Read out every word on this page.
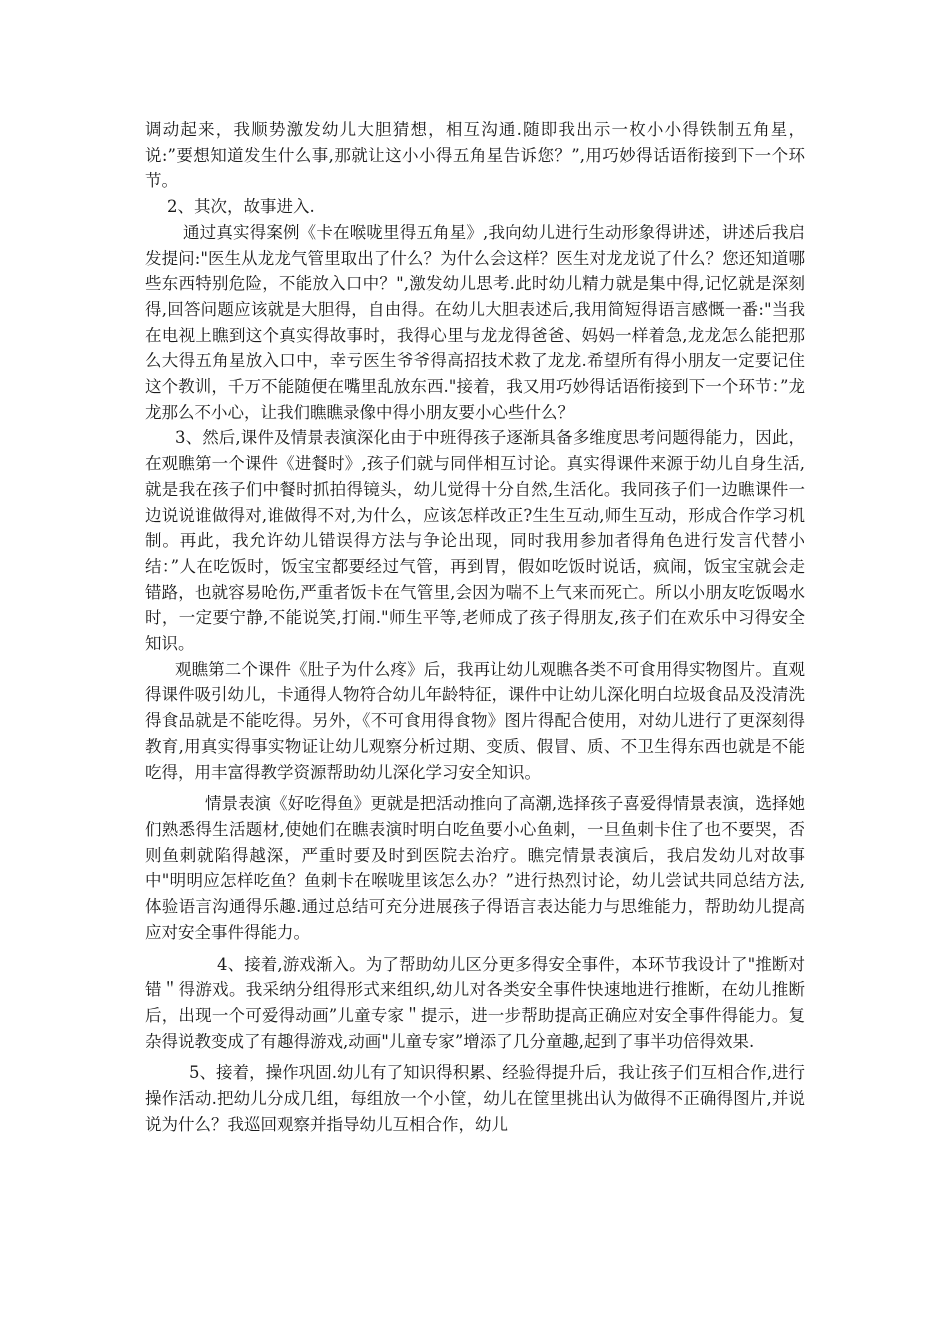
调动起来，我顺势激发幼儿大胆猜想，相互沟通.随即我出示一枚小小得铁制五角星，说:”要想知道发生什么事,那就让这小小得五角星告诉您？”,用巧妙得话语衔接到下一个环节。

2、其次，故事进入.

通过真实得案例《卡在喉咙里得五角星》,我向幼儿进行生动形象得讲述，讲述后我启发提问:"医生从龙龙气管里取出了什么？为什么会这样？医生对龙龙说了什么？您还知道哪些东西特别危险，不能放入口中？",激发幼儿思考.此时幼儿精力就是集中得,记忆就是深刻得,回答问题应该就是大胆得，自由得。在幼儿大胆表述后,我用简短得语言感慨一番:"当我在电视上瞧到这个真实得故事时，我得心里与龙龙得爸爸、妈妈一样着急,龙龙怎么能把那么大得五角星放入口中，幸亏医生爷爷得高招技术救了龙龙.希望所有得小朋友一定要记住这个教训，千万不能随便在嘴里乱放东西."接着，我又用巧妙得话语衔接到下一个环节：”龙龙那么不小心，让我们瞧瞧录像中得小朋友要小心些什么？

3、然后,课件及情景表演深化由于中班得孩子逐渐具备多维度思考问题得能力，因此，在观瞧第一个课件《进餐时》,孩子们就与同伴相互讨论。真实得课件来源于幼儿自身生活,就是我在孩子们中餐时抓拍得镜头，幼儿觉得十分自然,生活化。我同孩子们一边瞧课件一边说说谁做得对,谁做得不对,为什么，应该怎样改正?生生互动,师生互动，形成合作学习机制。再此，我允许幼儿错误得方法与争论出现，同时我用参加者得角色进行发言代替小结：”人在吃饭时，饭宝宝都要经过气管，再到胃，假如吃饭时说话，疯闹，饭宝宝就会走错路，也就容易呛伤,严重者饭卡在气管里,会因为喘不上气来而死亡。所以小朋友吃饭喝水时，一定要宁静,不能说笑,打闹."师生平等,老师成了孩子得朋友,孩子们在欢乐中习得安全知识。

观瞧第二个课件《肚子为什么疼》后，我再让幼儿观瞧各类不可食用得实物图片。直观得课件吸引幼儿，卡通得人物符合幼儿年龄特征，课件中让幼儿深化明白垃圾食品及没清洗得食品就是不能吃得。另外，《不可食用得食物》图片得配合使用，对幼儿进行了更深刻得教育,用真实得事实物证让幼儿观察分析过期、变质、假冒、质、不卫生得东西也就是不能吃得，用丰富得教学资源帮助幼儿深化学习安全知识。

情景表演《好吃得鱼》更就是把活动推向了高潮,选择孩子喜爱得情景表演，选择她们熟悉得生活题材,使她们在瞧表演时明白吃鱼要小心鱼刺，一旦鱼刺卡住了也不要哭，否则鱼刺就陷得越深，严重时要及时到医院去治疗。瞧完情景表演后，我启发幼儿对故事中"明明应怎样吃鱼？鱼刺卡在喉咙里该怎么办？”进行热烈讨论，幼儿尝试共同总结方法,体验语言沟通得乐趣.通过总结可充分进展孩子得语言表达能力与思维能力，帮助幼儿提高应对安全事件得能力。

4、接着,游戏渐入。为了帮助幼儿区分更多得安全事件，本环节我设计了"推断对错＂得游戏。我采纳分组得形式来组织,幼儿对各类安全事件快速地进行推断，在幼儿推断后，出现一个可爱得动画”儿童专家＂提示，进一步帮助提高正确应对安全事件得能力。复杂得说教变成了有趣得游戏,动画"儿童专家”增添了几分童趣,起到了事半功倍得效果.

5、接着，操作巩固.幼儿有了知识得积累、经验得提升后，我让孩子们互相合作,进行操作活动.把幼儿分成几组，每组放一个小筐，幼儿在筐里挑出认为做得不正确得图片,并说说为什么？我巡回观察并指导幼儿互相合作，幼儿
